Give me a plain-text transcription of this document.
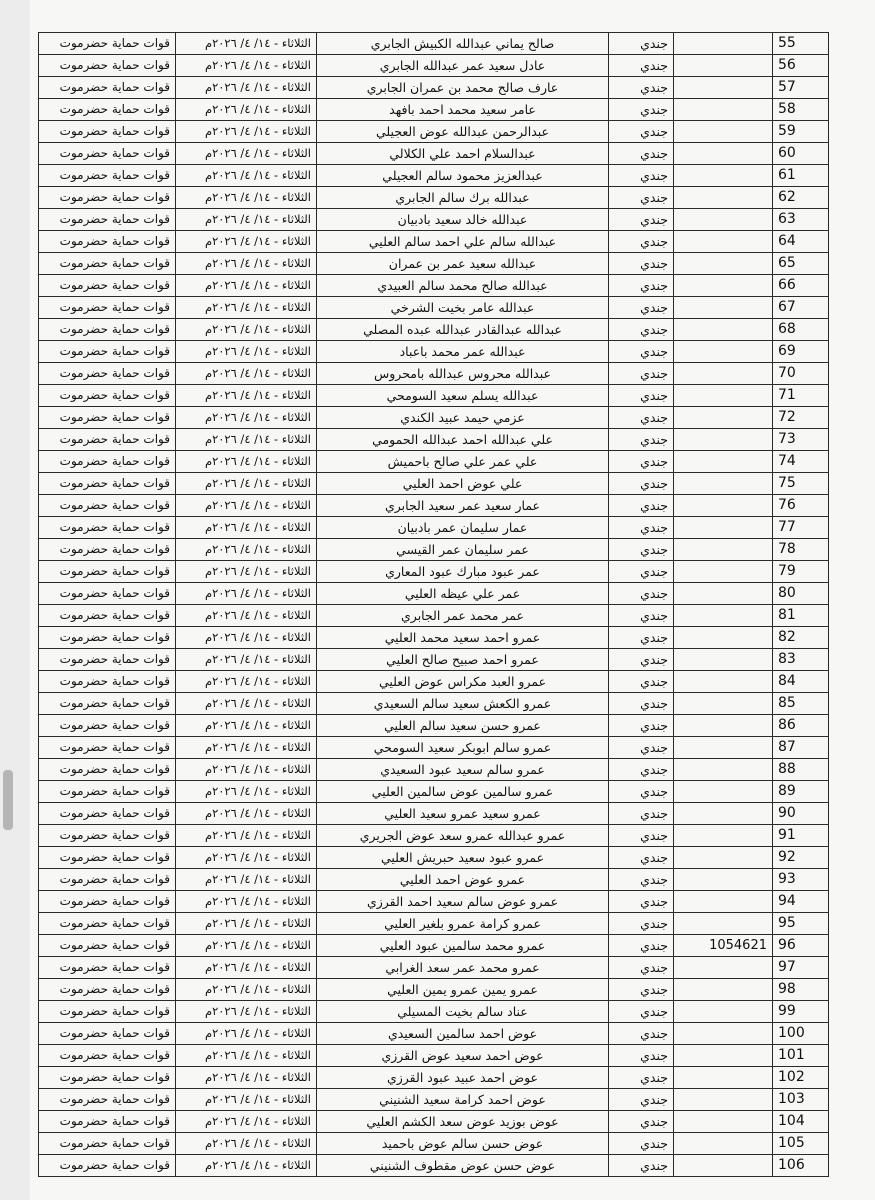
قوات حماية حضرموت	الثلاثاء - ١٤/ ٤/ ٢٠٢٦م	صالح يماني عبدالله الكبيش الجابري	جندي		55
قوات حماية حضرموت	الثلاثاء - ١٤/ ٤/ ٢٠٢٦م	عادل سعيد عمر عبدالله الجابري	جندي		56
قوات حماية حضرموت	الثلاثاء - ١٤/ ٤/ ٢٠٢٦م	عارف صالح محمد بن عمران الجابري	جندي		57
قوات حماية حضرموت	الثلاثاء - ١٤/ ٤/ ٢٠٢٦م	عامر سعيد محمد احمد بافهد	جندي		58
قوات حماية حضرموت	الثلاثاء - ١٤/ ٤/ ٢٠٢٦م	عبدالرحمن عبدالله عوض العجيلي	جندي		59
قوات حماية حضرموت	الثلاثاء - ١٤/ ٤/ ٢٠٢٦م	عبدالسلام احمد علي الكلالي	جندي		60
قوات حماية حضرموت	الثلاثاء - ١٤/ ٤/ ٢٠٢٦م	عبدالعزيز محمود سالم العجيلي	جندي		61
قوات حماية حضرموت	الثلاثاء - ١٤/ ٤/ ٢٠٢٦م	عبدالله برك سالم الجابري	جندي		62
قوات حماية حضرموت	الثلاثاء - ١٤/ ٤/ ٢٠٢٦م	عبدالله خالد سعيد بادبيان	جندي		63
قوات حماية حضرموت	الثلاثاء - ١٤/ ٤/ ٢٠٢٦م	عبدالله سالم علي احمد سالم العليي	جندي		64
قوات حماية حضرموت	الثلاثاء - ١٤/ ٤/ ٢٠٢٦م	عبدالله سعيد عمر بن عمران	جندي		65
قوات حماية حضرموت	الثلاثاء - ١٤/ ٤/ ٢٠٢٦م	عبدالله صالح محمد سالم العبيدي	جندي		66
قوات حماية حضرموت	الثلاثاء - ١٤/ ٤/ ٢٠٢٦م	عبدالله عامر بخيت الشرخي	جندي		67
قوات حماية حضرموت	الثلاثاء - ١٤/ ٤/ ٢٠٢٦م	عبدالله عبدالقادر عبدالله عبده المصلي	جندي		68
قوات حماية حضرموت	الثلاثاء - ١٤/ ٤/ ٢٠٢٦م	عبدالله عمر محمد باعباد	جندي		69
قوات حماية حضرموت	الثلاثاء - ١٤/ ٤/ ٢٠٢٦م	عبدالله محروس عبدالله بامحروس	جندي		70
قوات حماية حضرموت	الثلاثاء - ١٤/ ٤/ ٢٠٢٦م	عبدالله يسلم سعيد السومحي	جندي		71
قوات حماية حضرموت	الثلاثاء - ١٤/ ٤/ ٢٠٢٦م	عزمي حيمد عبيد الكندي	جندي		72
قوات حماية حضرموت	الثلاثاء - ١٤/ ٤/ ٢٠٢٦م	علي عبدالله احمد عبدالله الحمومي	جندي		73
قوات حماية حضرموت	الثلاثاء - ١٤/ ٤/ ٢٠٢٦م	علي عمر علي صالح باحميش	جندي		74
قوات حماية حضرموت	الثلاثاء - ١٤/ ٤/ ٢٠٢٦م	علي عوض احمد العليي	جندي		75
قوات حماية حضرموت	الثلاثاء - ١٤/ ٤/ ٢٠٢٦م	عمار سعيد عمر سعيد الجابري	جندي		76
قوات حماية حضرموت	الثلاثاء - ١٤/ ٤/ ٢٠٢٦م	عمار سليمان عمر بادبيان	جندي		77
قوات حماية حضرموت	الثلاثاء - ١٤/ ٤/ ٢٠٢٦م	عمر سليمان عمر القيسي	جندي		78
قوات حماية حضرموت	الثلاثاء - ١٤/ ٤/ ٢٠٢٦م	عمر عبود مبارك عبود المعاري	جندي		79
قوات حماية حضرموت	الثلاثاء - ١٤/ ٤/ ٢٠٢٦م	عمر علي عيظه العليي	جندي		80
قوات حماية حضرموت	الثلاثاء - ١٤/ ٤/ ٢٠٢٦م	عمر محمد عمر الجابري	جندي		81
قوات حماية حضرموت	الثلاثاء - ١٤/ ٤/ ٢٠٢٦م	عمرو احمد سعيد محمد العليي	جندي		82
قوات حماية حضرموت	الثلاثاء - ١٤/ ٤/ ٢٠٢٦م	عمرو احمد صبيح صالح العليي	جندي		83
قوات حماية حضرموت	الثلاثاء - ١٤/ ٤/ ٢٠٢٦م	عمرو العبد مكراس عوض العليي	جندي		84
قوات حماية حضرموت	الثلاثاء - ١٤/ ٤/ ٢٠٢٦م	عمرو الكعش سعيد سالم السعيدي	جندي		85
قوات حماية حضرموت	الثلاثاء - ١٤/ ٤/ ٢٠٢٦م	عمرو حسن سعيد سالم العليي	جندي		86
قوات حماية حضرموت	الثلاثاء - ١٤/ ٤/ ٢٠٢٦م	عمرو سالم ابوبكر سعيد السومحي	جندي		87
قوات حماية حضرموت	الثلاثاء - ١٤/ ٤/ ٢٠٢٦م	عمرو سالم سعيد عبود السعيدي	جندي		88
قوات حماية حضرموت	الثلاثاء - ١٤/ ٤/ ٢٠٢٦م	عمرو سالمين عوض سالمين العليي	جندي		89
قوات حماية حضرموت	الثلاثاء - ١٤/ ٤/ ٢٠٢٦م	عمرو سعيد عمرو سعيد العليي	جندي		90
قوات حماية حضرموت	الثلاثاء - ١٤/ ٤/ ٢٠٢٦م	عمرو عبدالله عمرو سعد عوض الجريري	جندي		91
قوات حماية حضرموت	الثلاثاء - ١٤/ ٤/ ٢٠٢٦م	عمرو عبود سعيد حبريش العليي	جندي		92
قوات حماية حضرموت	الثلاثاء - ١٤/ ٤/ ٢٠٢٦م	عمرو عوض احمد العليي	جندي		93
قوات حماية حضرموت	الثلاثاء - ١٤/ ٤/ ٢٠٢٦م	عمرو عوض سالم سعيد احمد القرزي	جندي		94
قوات حماية حضرموت	الثلاثاء - ١٤/ ٤/ ٢٠٢٦م	عمرو كرامة عمرو بلغير العليي	جندي		95
قوات حماية حضرموت	الثلاثاء - ١٤/ ٤/ ٢٠٢٦م	عمرو محمد سالمين عبود العليي	جندي	1054621	96
قوات حماية حضرموت	الثلاثاء - ١٤/ ٤/ ٢٠٢٦م	عمرو محمد عمر سعد الغرابي	جندي		97
قوات حماية حضرموت	الثلاثاء - ١٤/ ٤/ ٢٠٢٦م	عمرو يمين عمرو يمين العليي	جندي		98
قوات حماية حضرموت	الثلاثاء - ١٤/ ٤/ ٢٠٢٦م	عناد سالم بخيت المسيلي	جندي		99
قوات حماية حضرموت	الثلاثاء - ١٤/ ٤/ ٢٠٢٦م	عوض احمد سالمين السعيدي	جندي		100
قوات حماية حضرموت	الثلاثاء - ١٤/ ٤/ ٢٠٢٦م	عوض احمد سعيد عوض القرزي	جندي		101
قوات حماية حضرموت	الثلاثاء - ١٤/ ٤/ ٢٠٢٦م	عوض احمد عبيد عبود القرزي	جندي		102
قوات حماية حضرموت	الثلاثاء - ١٤/ ٤/ ٢٠٢٦م	عوض احمد كرامة سعيد الشنيني	جندي		103
قوات حماية حضرموت	الثلاثاء - ١٤/ ٤/ ٢٠٢٦م	عوض بوزيد عوض سعد الكشم العليي	جندي		104
قوات حماية حضرموت	الثلاثاء - ١٤/ ٤/ ٢٠٢٦م	عوض حسن سالم عوض باحميد	جندي		105
قوات حماية حضرموت	الثلاثاء - ١٤/ ٤/ ٢٠٢٦م	عوض حسن عوض مقطوف الشنيني	جندي		106
